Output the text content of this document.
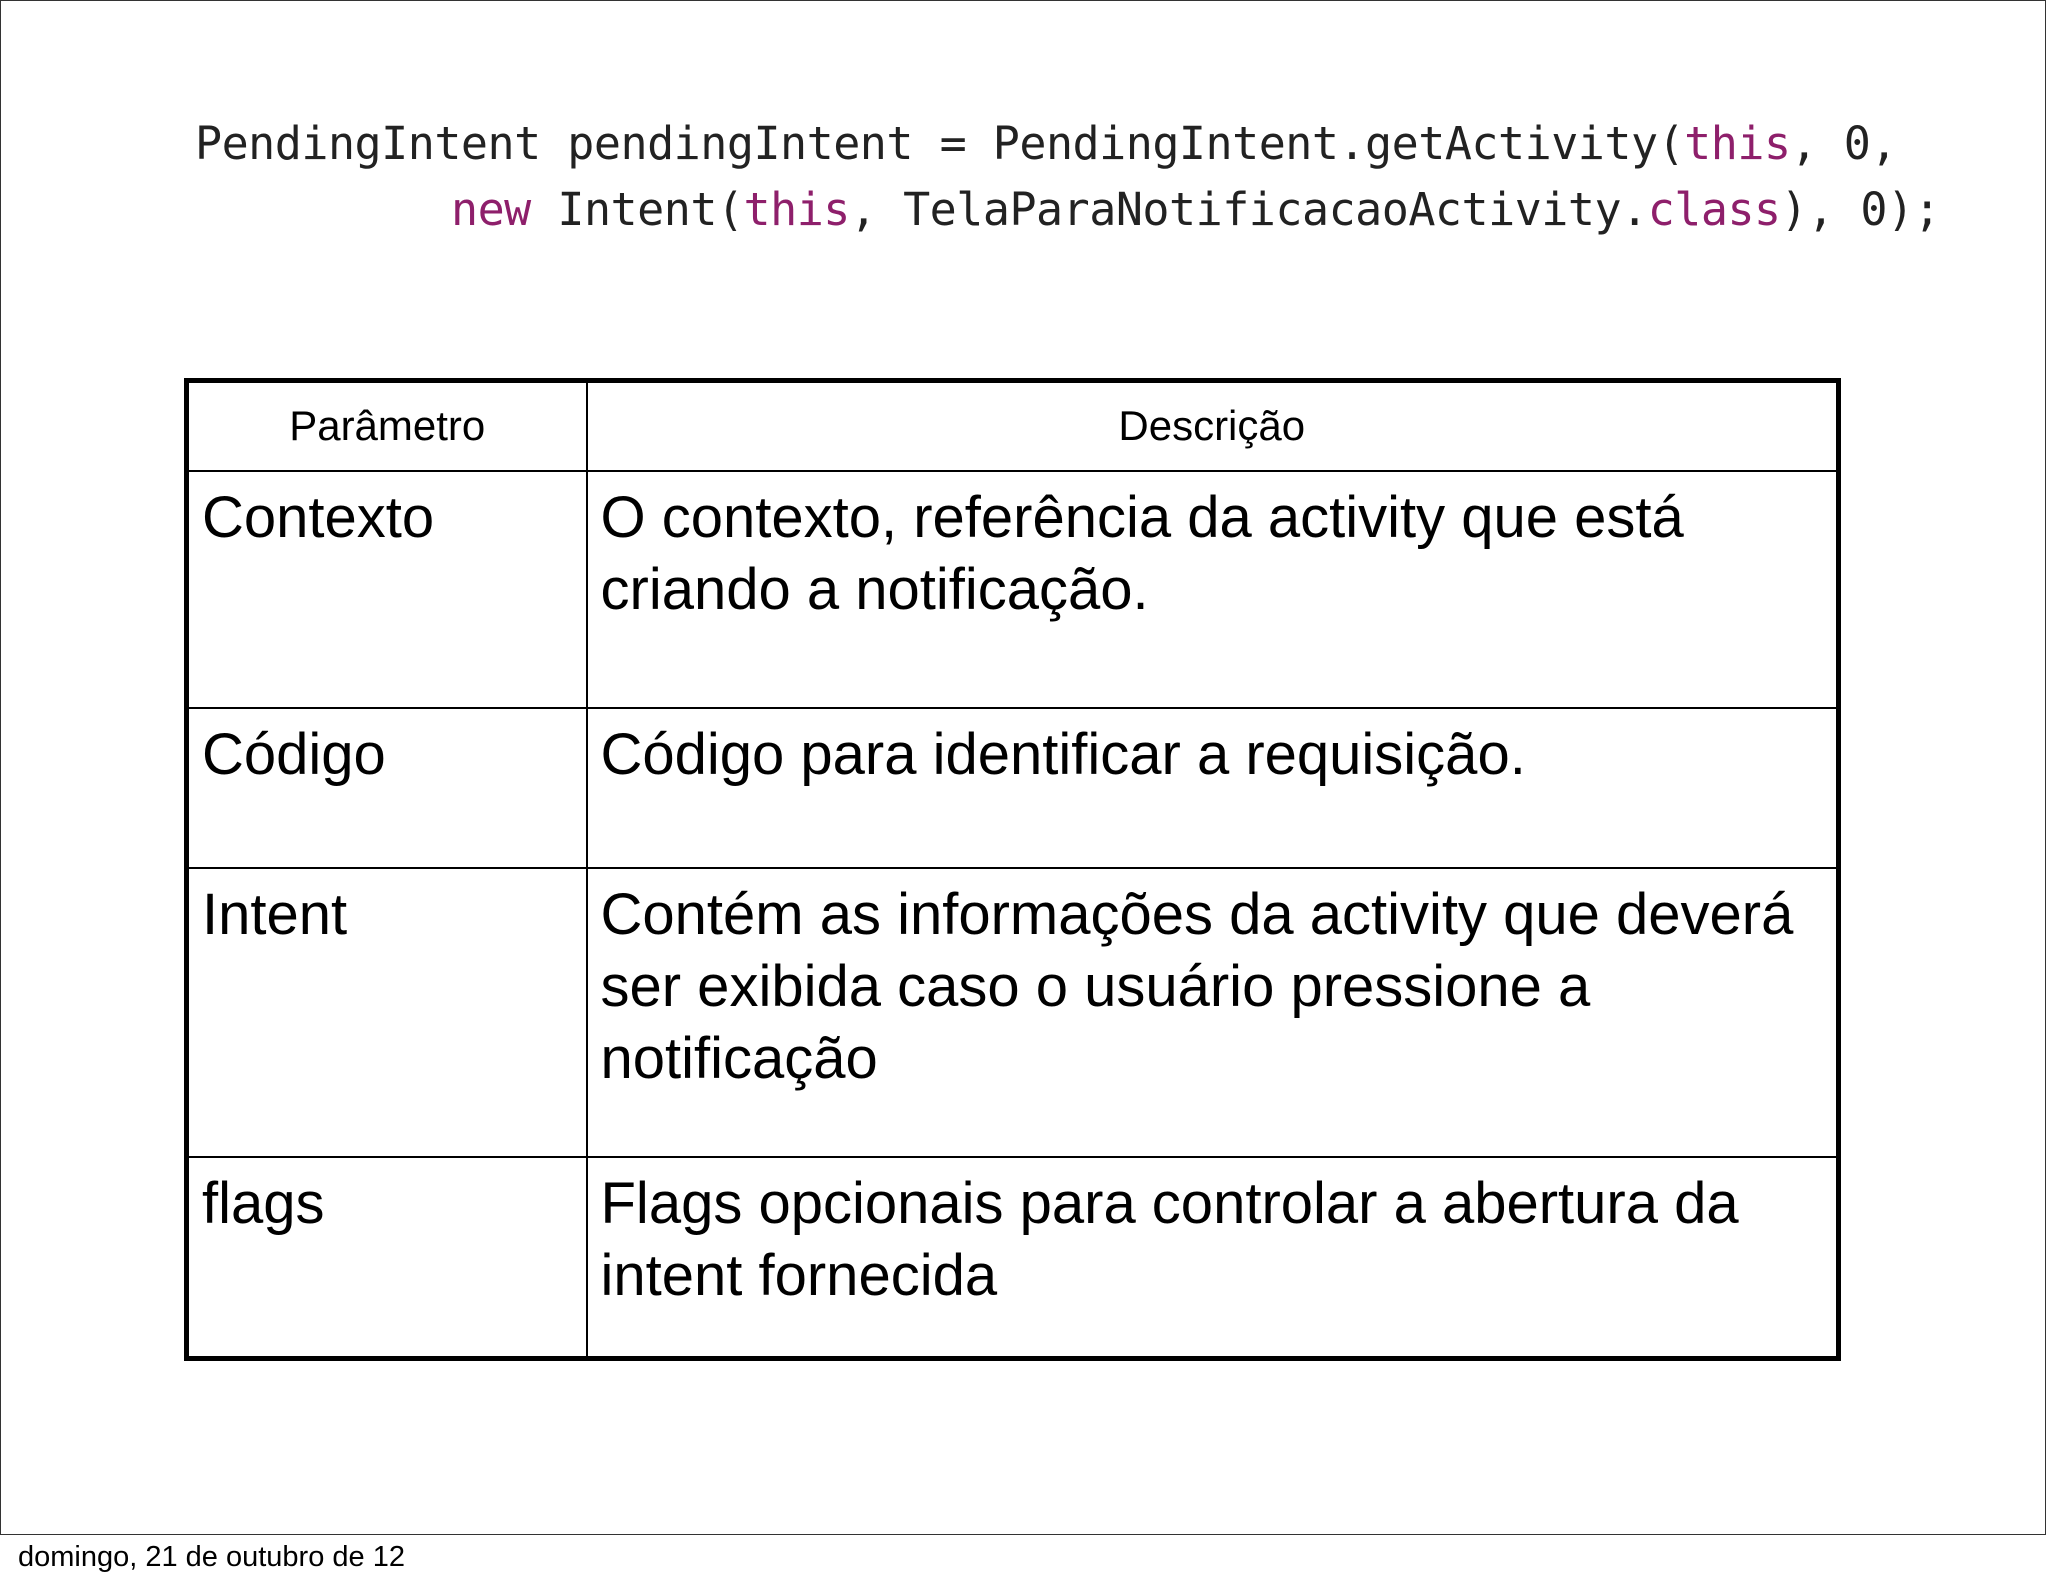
PendingIntent pendingIntent = PendingIntent.getActivity(this, 0,
new Intent(this, TelaParaNotificacaoActivity.class), 0);
Parâmetro	Descrição
Contexto	O contexto, referência da activity que está criando a notificação.
Código	Código para identificar a requisição.
Intent	Contém as informações da activity que deverá ser exibida caso o usuário pressione a notificação
flags	Flags opcionais para controlar a abertura da intent fornecida
domingo, 21 de outubro de 12
